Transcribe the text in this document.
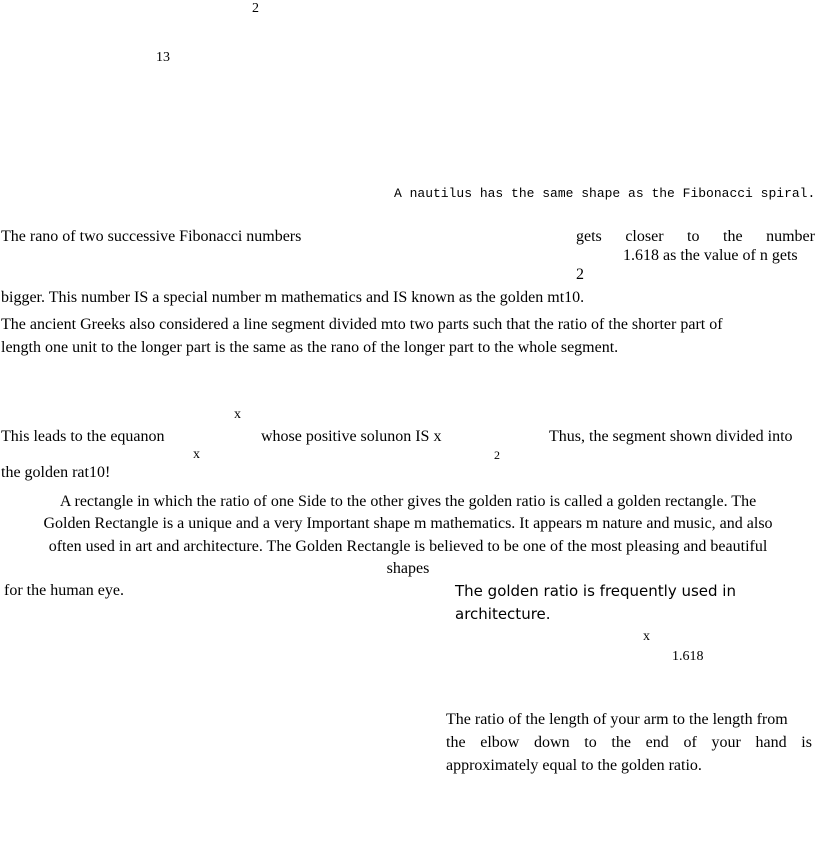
2
13
A nautilus has the same shape as the Fibonacci spiral.
The rano of two successive Fibonacci numbers	gets closer to the number
1.618 as the value of n gets
2
bigger. This number IS a special number m mathematics and IS known as the golden mt10.
The ancient Greeks also considered a line segment divided mto two parts such that the ratio of the shorter part of
length one unit to the longer part is the same as the rano of the longer part to the whole segment.
x
This leads to the equanon	whose positive solunon IS x	Thus, the segment shown divided into
x	2
the golden rat10!
A rectangle in which the ratio of one Side to the other gives the golden ratio is called a golden rectangle. The
Golden Rectangle is a unique and a very Important shape m mathematics. It appears m nature and music, and also
often used in art and architecture. The Golden Rectangle is believed to be one of the most pleasing and beautiful
shapes
for the human eye.	The golden ratio is frequently used in
architecture.
x
1.618
The ratio of the length of your arm to the length from
the elbow down to the end of your hand is
approximately equal to the golden ratio.
